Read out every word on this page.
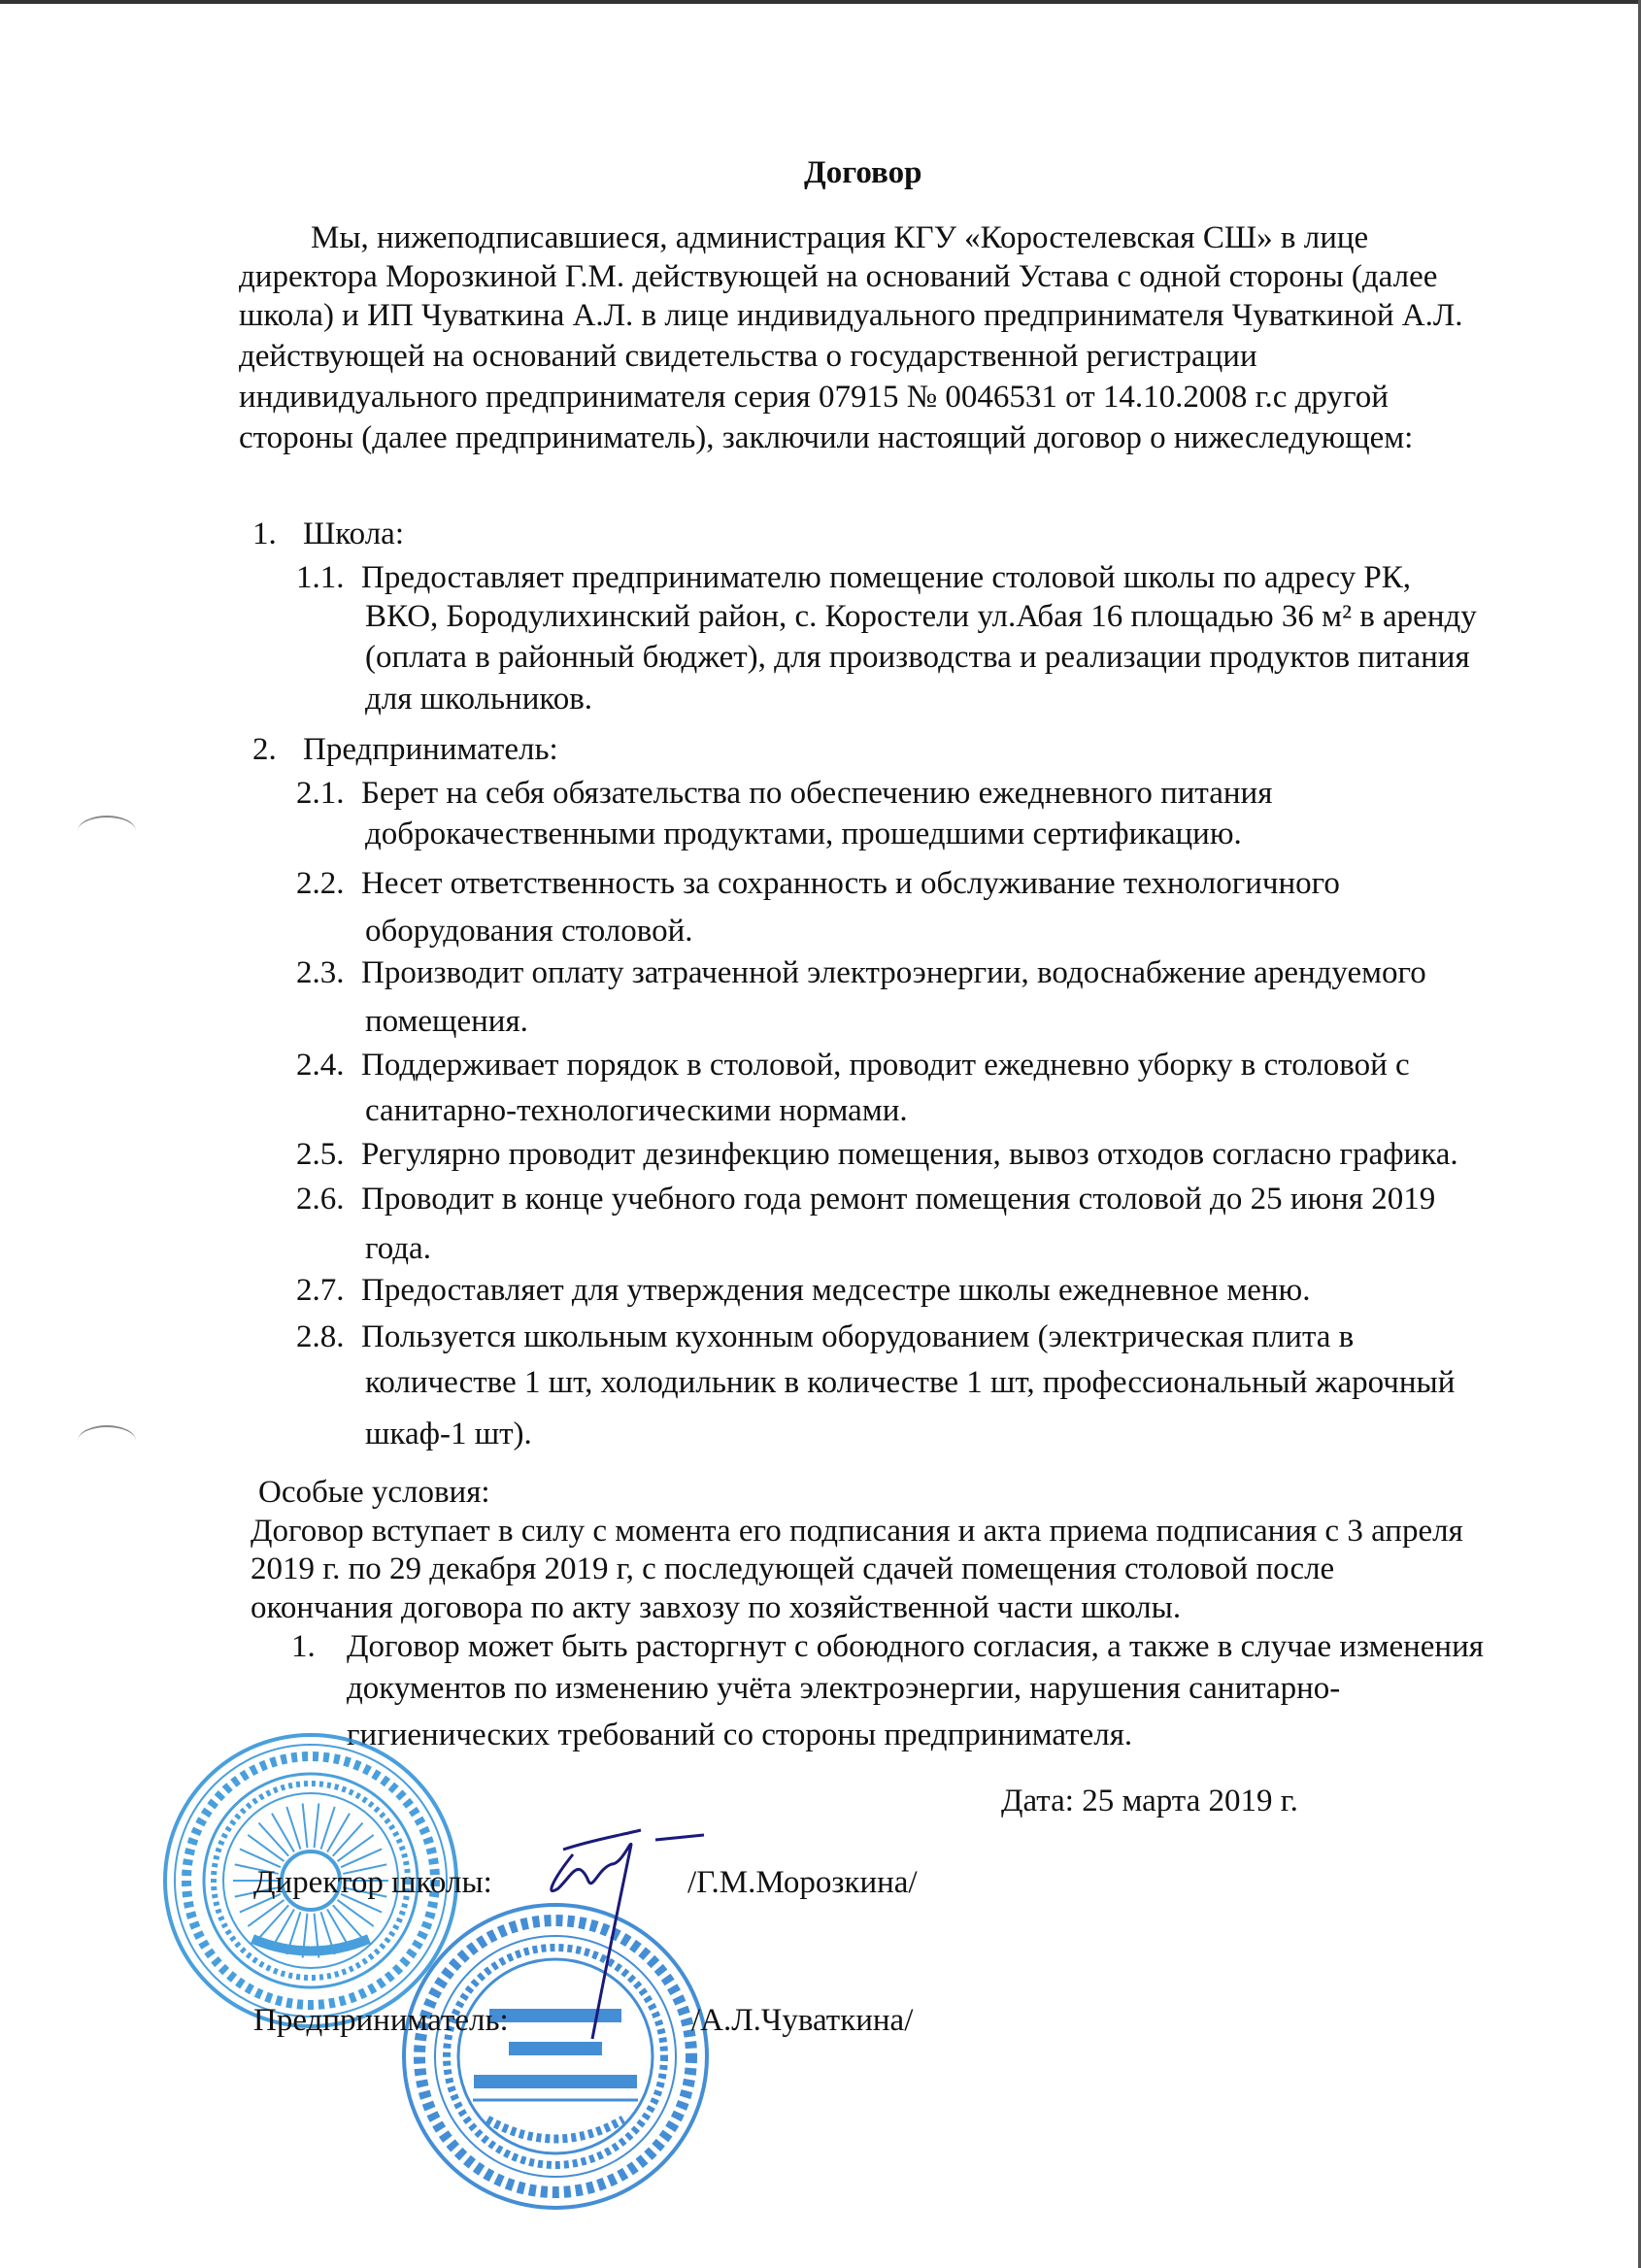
Договор
Мы, нижеподписавшиеся, администрация КГУ «Коростелевская СШ» в лице
директора Морозкиной Г.М. действующей на оснований Устава с одной стороны (далее
школа) и ИП Чуваткина А.Л. в лице индивидуального предпринимателя Чуваткиной А.Л.
действующей на оснований свидетельства о государственной регистрации
индивидуального предпринимателя серия 07915 № 0046531 от 14.10.2008 г.с другой
стороны (далее предприниматель), заключили настоящий договор о нижеследующем:
1. Школа:
1.1. Предоставляет предпринимателю помещение столовой школы по адресу РК,
ВКО, Бородулихинский район, с. Коростели ул.Абая 16 площадью 36 м² в аренду
(оплата в районный бюджет), для производства и реализации продуктов питания
для школьников.
2. Предприниматель:
2.1. Берет на себя обязательства по обеспечению ежедневного питания
доброкачественными продуктами, прошедшими сертификацию.
2.2. Несет ответственность за сохранность и обслуживание технологичного
оборудования столовой.
2.3. Производит оплату затраченной электроэнергии, водоснабжение арендуемого
помещения.
2.4. Поддерживает порядок в столовой, проводит ежедневно уборку в столовой с
санитарно-технологическими нормами.
2.5. Регулярно проводит дезинфекцию помещения, вывоз отходов согласно графика.
2.6. Проводит в конце учебного года ремонт помещения столовой до 25 июня 2019
года.
2.7. Предоставляет для утверждения медсестре школы ежедневное меню.
2.8. Пользуется школьным кухонным оборудованием (электрическая плита в
количестве 1 шт, холодильник в количестве 1 шт, профессиональный жарочный
шкаф-1 шт).
Особые условия:
Договор вступает в силу с момента его подписания и акта приема подписания с 3 апреля
2019 г. по 29 декабря 2019 г, с последующей сдачей помещения столовой после
окончания договора по акту завхозу по хозяйственной части школы.
1. Договор может быть расторгнут с обоюдного согласия, а также в случае изменения
документов по изменению учёта электроэнергии, нарушения санитарно-
гигиенических требований со стороны предпринимателя.
Дата: 25 марта 2019 г.
Директор школы:	/Г.М.Морозкина/
Предприниматель:	/А.Л.Чуваткина/
